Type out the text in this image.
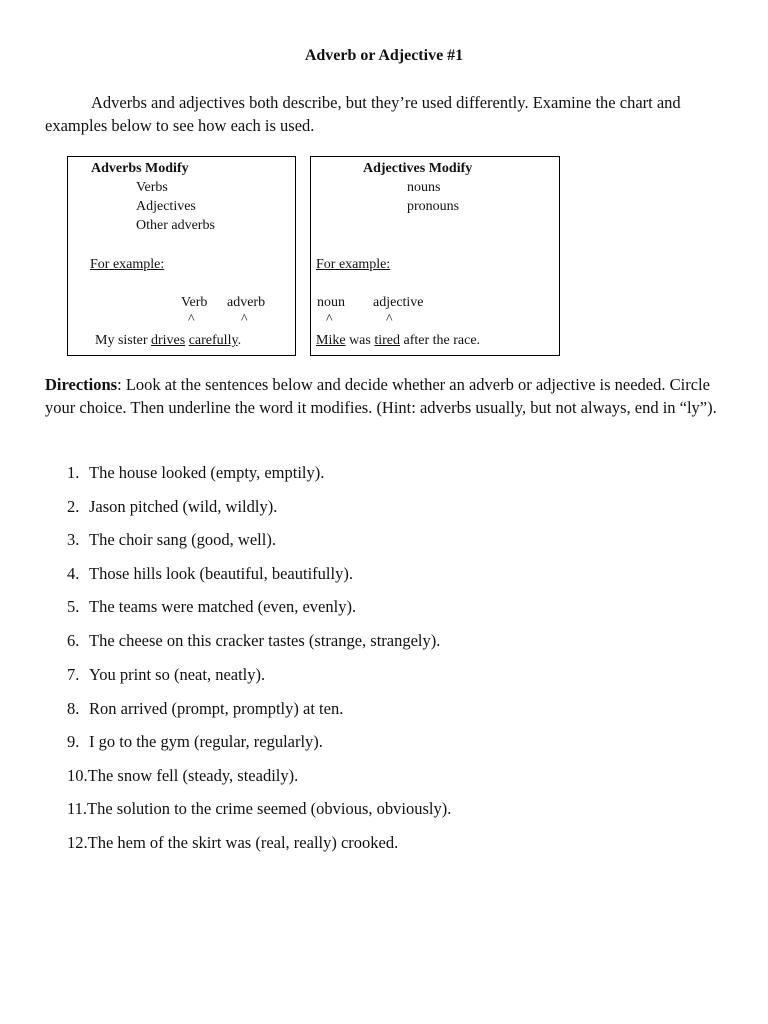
Adverb or Adjective #1
Adverbs and adjectives both describe, but they’re used differently. Examine the chart and examples below to see how each is used.
Adverbs Modify
Verbs
Adjectives
Other adverbs
For example:
Verb adverb
^	^
My sister drives carefully.
Adjectives Modify
nouns
pronouns
For example:
noun adjective
^	^
Mike was tired after the race.
Directions: Look at the sentences below and decide whether an adverb or adjective is needed. Circle your choice. Then underline the word it modifies. (Hint: adverbs usually, but not always, end in “ly”).
1. The house looked (empty, emptily).
2. Jason pitched (wild, wildly).
3. The choir sang (good, well).
4. Those hills look (beautiful, beautifully).
5. The teams were matched (even, evenly).
6. The cheese on this cracker tastes (strange, strangely).
7. You print so (neat, neatly).
8. Ron arrived (prompt, promptly) at ten.
9. I go to the gym (regular, regularly).
10.The snow fell (steady, steadily).
11.The solution to the crime seemed (obvious, obviously).
12.The hem of the skirt was (real, really) crooked.
